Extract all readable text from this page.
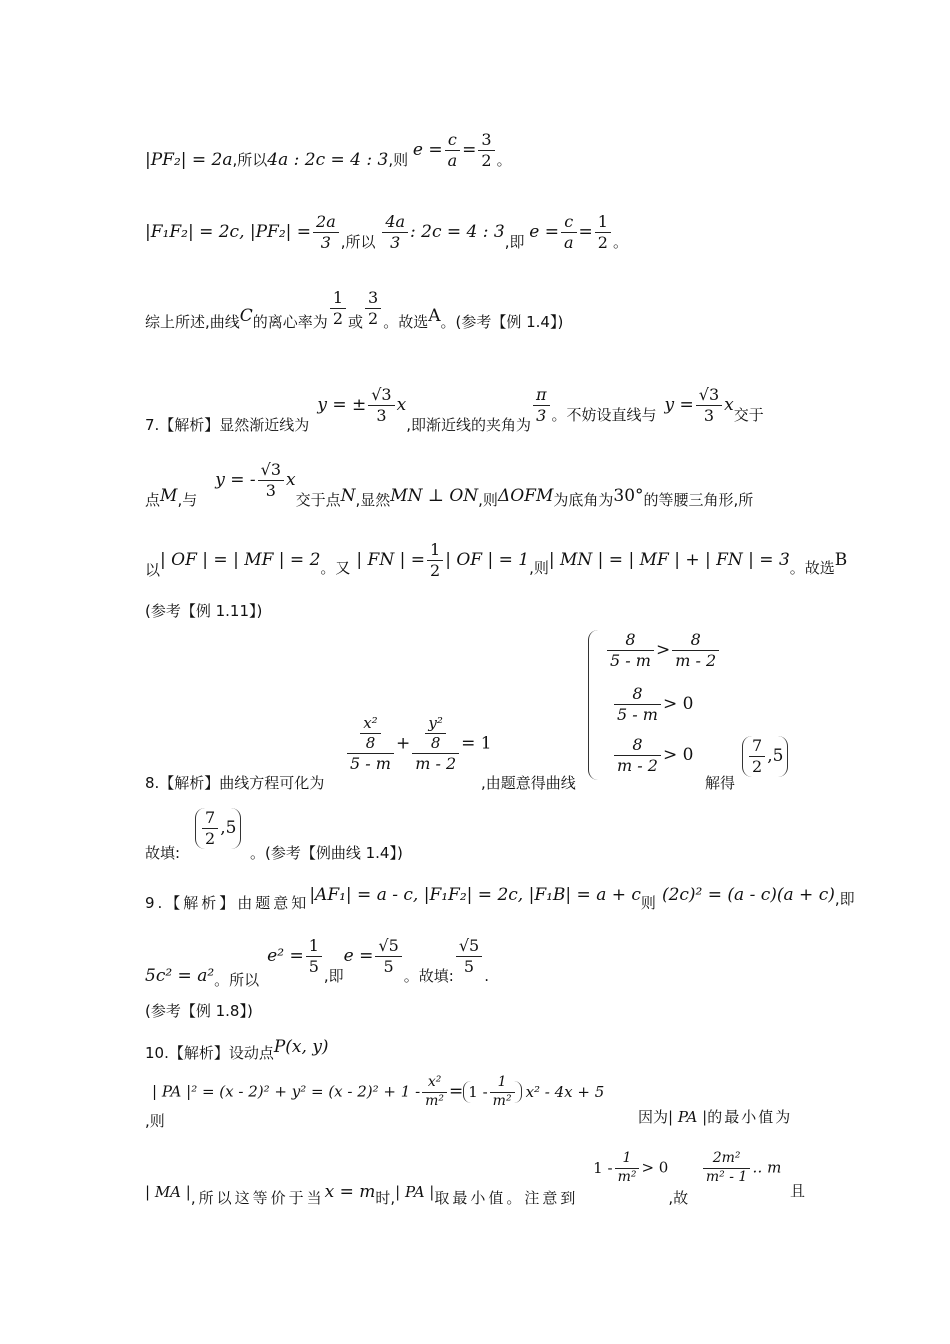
|PF₂| = 2a,所以4a : 2c = 4 : 3,则 $e = \frac{c}{a} = \frac{3}{2}$ 。
|F₁F₂| = 2c, $|PF_2| = \frac{2a}{3}$ ,所以 $\frac{4a}{3}$ : 2c = 4 : 3,即 $e = \frac{c}{a} = \frac{1}{2}$ 。
综上所述,曲线C的离心率为 $\frac{1}{2}$ 或 $\frac{3}{2}$ 。故选A。(参考【例 1.4】)
7.【解析】显然渐近线为y = ± $\frac{√3}{3} x$,即渐近线的夹角为 $\frac{\pi}{3}$ 。不妨设直线与 $y = \frac{√3}{3}$ x交于
点M,与y = - $\frac{√3}{3}$ x交于点N,显然MN ⊥ ON,则ΔOFM为底角为30°的等腰三角形,所
以| OF | = | MF | = 2。又 | FN | = $\frac{1}{2}$ | OF | = 1,则| MN | = | MF | + | FN | = 3。故选B
(参考【例 1.11】)
$\frac{\frac{\text{x²}}{8}}{5 - m} + \frac{\frac{\text{y²}}{8}}{m - 2} = 1$
8.【解析】曲线方程可化为	,由题意得曲线
$\frac{8}{5 - m} > \frac{8}{m - 2}$
$\frac{8}{5 - m} > 0$
$\frac{8}{m - 2} > 0$
解得
$\frac{7}{2} ,5$
故填:
$\frac{7}{2} ,5$
。(参考【例曲线 1.4】)
9.【解析】由题意知|AF₁| = a - c, |F₁F₂| = 2c, |F₁B| = a + c则 (2c)² = (a - c)(a + c),即
5c² = a²。所以$e^2 = \frac{1}{5}$ ,即$e = \frac{√5}{5}$ 。故填: $\frac{√5}{5}$ .
(参考【例 1.8】)
10.【解析】设动点P(x, y)
| PA $|^2 = (x - 2)^2 + y^2 = (x - 2)^2 + 1 - \frac{\text{x²}}{\text{m²}} = 1 - \frac{1}{\text{m²}} x^2 - 4x + 5$
,则	因为| PA |的最小值为
| MA |,所以这等价于当x = m时,| PA |取最小值。注意到 $1 - \frac{1}{\text{m²}} > 0$,故
$\frac{\text{2m²}}{\text{m² - 1}}$ ‥ m
且
